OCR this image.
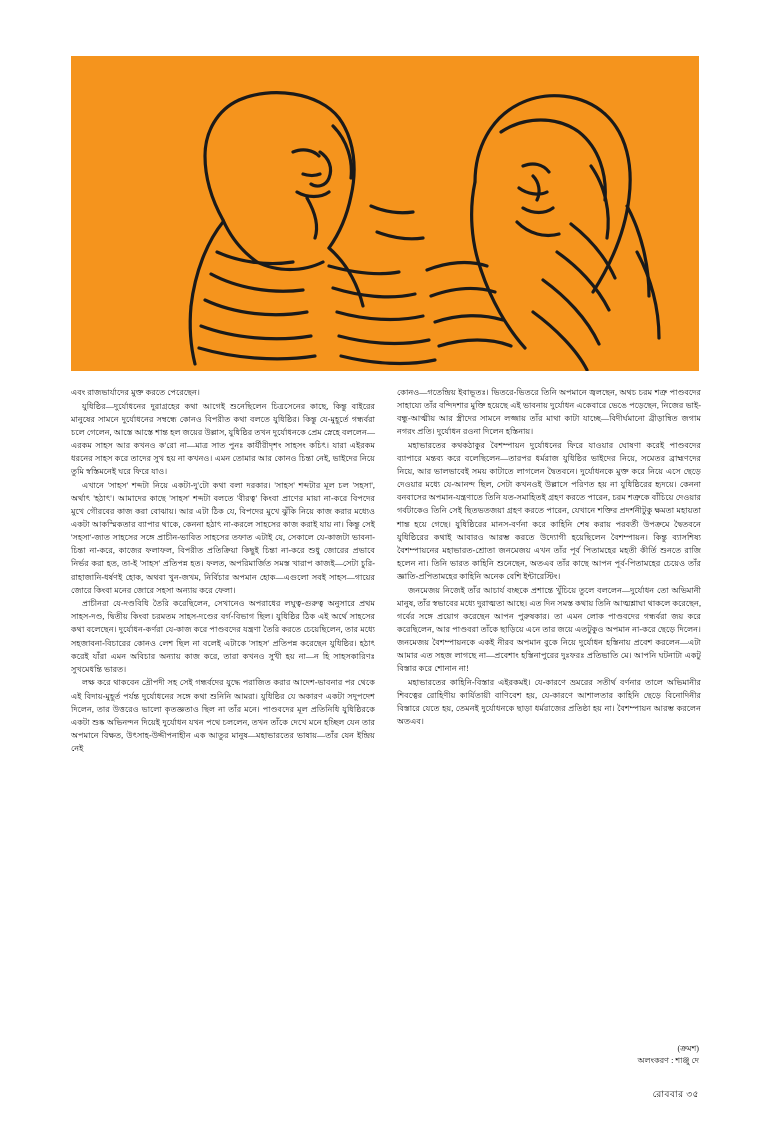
এবং রাজভার্যাদের মুক্ত করতে পেরেছেন।

যুধিষ্ঠির—দুর্যোধনের দুরাগ্রহের কথা আগেই শুনেছিলেন চিত্রসেনের কাছে, কিন্তু বাইরের মানুষের সামনে দুর্যোধনের সম্বন্ধে কোনও বিপরীত কথা বলতে যুধিষ্ঠির। কিন্তু যে-মুহূর্তে গন্ধর্বরা চলে গেলেন, আস্তে আস্তে শান্ত হল জয়ের উল্লাস, যুধিষ্ঠির তখন দুর্যোধনকে প্রেম স্নেহে বললেন—এরকম সাহস আর কখনও ক'রো না—মাত্র সাত পুনঃ কার্যীরীদৃশং সাহসং কচিৎ। যারা এইরকম ধরনের সাহস করে তাদের সুখ হয় না কখনও। এমন তোমার আর কোনও চিন্তা নেই, ভাইদের নিয়ে তুমি স্বস্তিমনেই ঘরে ফিরে যাও।

এখানে 'সাহস' শব্দটা নিয়ে একটা-দু'টো কথা বলা দরকার। 'সাহস' শব্দটার মূল চল 'সহসা', অর্থাৎ 'হঠাৎ'। আমাদের কাছে 'সাহস' শব্দটা বলতে 'বীরত্ব' কিংবা প্রাণের মায়া না-করে বিপদের মুখে গৌরবের কাজ করা বোঝায়। আর এটা ঠিক যে, বিপদের মুখে ঝুঁকি নিয়ে কাজ করার মধ্যেও একটা আকস্মিকতার ব্যাপার থাকে, কেননা হঠাৎ না-করলে সাহসের কাজ করাই যায় না। কিন্তু সেই 'সহসা'-জাত সাহসের সঙ্গে প্রাচীন-ভাবিত সাহসের তফাত এটাই যে, সেকালে যে-কাজটা ভাবনা-চিন্তা না-করে, কাজের ফলাফল, বিপরীত প্রতিক্রিয়া কিছুই চিন্তা না-করে শুধু জোরের প্রভাবে নির্ভর করা হত, তা-ই 'সাহস' প্রতিপন্ন হত। ফলত, অপরিমার্জিত সমস্ত খারাপ কাজই—সেটা চুরি-রাহাজানি-ধর্ষণই হোক, অথবা খুন-জখম, নির্বিচার অপমান হোক—এগুলো সবই সাহস—গায়ের জোরে কিংবা মনের জোরে সহসা অন্যায় করে ফেলা।

প্রাচীনরা যে-দণ্ডবিধি তৈরি করেছিলেন, সেখানেও অপরাধের লঘুত্ব-গুরুত্ব অনুসারে প্রথম সাহস-দণ্ড, দ্বিতীয় কিংবা চরমতম সাহস-দণ্ডের বর্গ-বিভাগ ছিল। যুধিষ্ঠির ঠিক এই অর্থে সাহসের কথা বলেছেন। দুর্যোধন-কর্ণরা যে-কাজ করে পাণ্ডবদের যন্ত্রণা তৈরি করতে চেয়েছিলেন, তার মধ্যে সহজাবনা-বিচারের কোনও লেশ ছিল না বলেই এটাকে 'সাহস' প্রতিপন্ন করেছেন যুধিষ্ঠির। হঠাৎ করেই যাঁরা এমন অবিচার অন্যায় কাজ করে, তারা কখনও সুখী হয় না—ন হি সাহসকারিণঃ সুখমেধন্তি ভারত।

লক্ষ করে থাকবেন দ্রৌপদী সহ সেই গন্ধর্বদের যুদ্ধে পরাজিত করার আদেশ-ভাবনার পর থেকে এই বিদায়-মুহূর্ত পর্যন্ত দুর্যোধনের সঙ্গে কথা শুনিনি আমরা। যুধিষ্ঠির যে অকারণ একটা সদুপদেশ দিলেন, তার উত্তরেও ভালো কৃতজ্ঞতাও ছিল না তাঁর মনে। পাণ্ডবদের মূল প্রতিনিধি যুধিষ্ঠিরকে একটা শুষ্ক অভিনন্দন দিয়েই দুর্যোধন যখন পথে চললেন, তখন তাঁকে দেখে মনে হচ্ছিল যেন তার অপমানে বিক্ষত, উৎসাহ-উদ্দীপনাহীন এক আতুর মানুষ—মহাভারতের ভাষায়—তাঁর যেন ইন্দ্রিয় নেই

কোনও—গতেন্দ্রিয় ইবাভূতঃ। ভিতরে-ভিতরে তিনি অপমানে জ্বলছেন, অথচ চরম শত্রু পাণ্ডবদের সাহায্যে তাঁর বন্দিদশার মুক্তি হয়েছে এই ভাবনায় দুর্যোধন একেবারে ভেঙে পড়েছেন, নিজের ভাই-বন্ধু-আত্মীয় আর স্ত্রীদের সামনে লজ্জায় তাঁর মাথা কাটা যাচ্ছে—বিদীর্ঘমানো ব্রীড়ান্বিত জগাম নগরং প্রতি। দুর্যোধন রওনা দিলেন হস্তিনায়।

মহাভারতের কথকঠাকুর বৈশম্পায়ন দুর্যোধনের ফিরে যাওয়ার ঘোষণা করেই পাণ্ডবদের ব্যাপারে মন্তব্য করে বলেছিলেন—তারপর ধর্মরাজ যুধিষ্ঠির ভাইদের নিয়ে, সমেতর ব্রাহ্মণদের নিয়ে, আর ভালভাবেই সময় কাটাতে লাগলেন দ্বৈতবনে। দুর্যোধনকে মুক্ত করে নিয়ে এসে ছেড়ে দেওয়ার মধ্যে যে-আনন্দ ছিল, সেটা কখনওই উল্লাসে পরিণত হয় না যুধিষ্ঠিরের হৃদয়ে। কেননা বনবাসের অপমান-যন্ত্রণাতে তিনি যত-সমাহিতই গ্রহণ করতে পারেন, চরম শত্রুকে বাঁচিয়ে দেওয়ার গর্বটাকেও তিনি সেই ছিতভতজয়া গ্রহণ করতে পারেন, যেখানে শক্তির প্রদর্শনীটুকু ক্ষমতা মহায়তা শান্ত হয়ে গেছে। যুধিষ্ঠিরের মানস-বর্ণনা করে কাহিনি শেষ করায় পরবর্তী উপক্রমে দ্বৈতবনে যুধিষ্ঠিরের কথাই আবারও আরম্ভ করতে উদ্যোগী হয়েছিলেন বৈশম্পায়ন। কিন্তু ব্যাসশিষ্য বৈশম্পায়নের মহাভারত-শ্রোতা জনমেজয় এখন তাঁর পূর্ব পিতামহের মহতী কীর্তি শুনতে রাজি হলেন না। তিনি ভারত কাহিনি শুনেছেন, অতএব তাঁর কাছে আপন পূর্ব-পিতামহের চেয়েও তাঁর জ্ঞাতি-প্রপিতামহের কাহিনি অনেক বেশি ইন্টারেস্টিং।

জনমেজয় নিজেই তাঁর আচার্য বচ্ছকে প্রশান্তে খুঁচিয়ে তুলে বললেন—দুর্যোধন তো অভিমানী মানুষ, তাঁর স্বভাবের মধ্যে দুরাত্মতা আছে। এত দিন সমস্ত কথায় তিনি আত্মশ্লাঘা থাকলে করেছেন, গর্বের সঙ্গে প্রয়োগ করেছেন আপন পুরুষকার। তা এমন লোক পাণ্ডবদের গন্ধর্বরা জয় করে করেছিলেন, আর পাণ্ডবরা তাঁকে ছাড়িয়ে এনে তার জয়ে এতটুকুও অপমান না-করে ছেড়ে দিলেন। জনমেজয় বৈশম্পায়নকে একই নীরব অপমান বুকে নিয়ে দুর্যোধন হস্তিনায় প্রবেশ করলেন—এটা আমার এত সহজ লাগছে না—প্রবেশাং হস্তিনাপুরের দুঃফরঃ প্রতিভাতি মে। আপনি ঘটনাটা একটু বিস্তার করে শোনান না!

মহাভারতের কাহিনি-বিস্তার এইরকমই। যে-কারণে ভ্রমরের সতীর্থ বর্ণনার তালে অভিমানীর শিবত্বের রোহিণীয় কার্যিতায়ী বাণিবেশ হয়, যে-কারণে আশালতার কাহিনি ছেড়ে বিনোদিনীর বিস্তারে যেতে হয়, তেমনই দুর্যোধনকে ছাড়া ধর্মরাজের প্রতিষ্ঠা হয় না। বৈশম্পায়ন আরম্ভ করলেন অতএব।

(ক্রমশ)
অলংকরণ : শাঞ্জু দে
রোববার ৩৫
